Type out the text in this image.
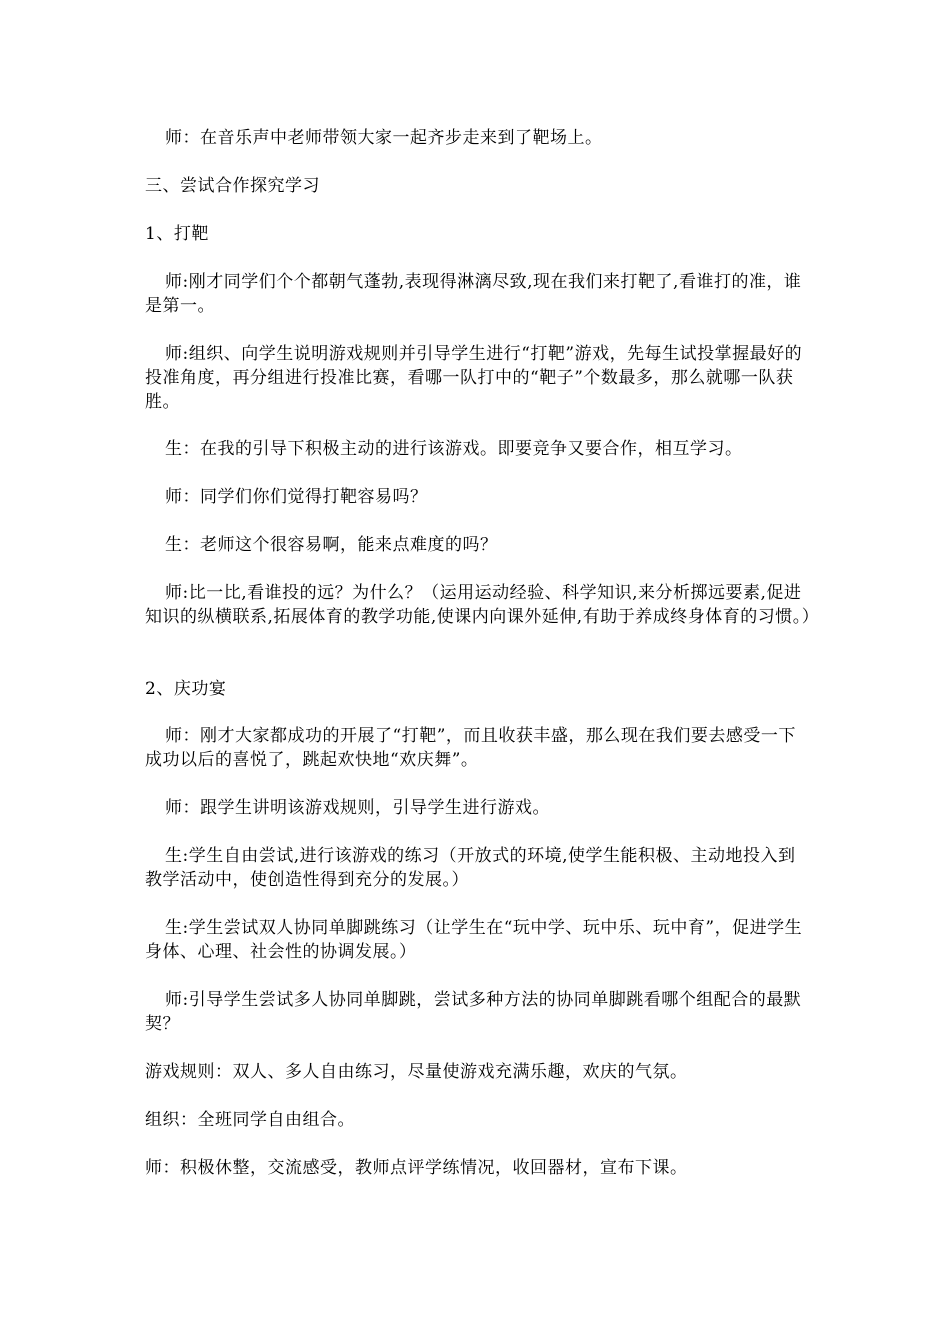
师：在音乐声中老师带领大家一起齐步走来到了靶场上。

三、尝试合作探究学习

1、打靶

师:刚才同学们个个都朝气蓬勃,表现得淋漓尽致,现在我们来打靶了,看谁打的准，谁是第一。

师:组织、向学生说明游戏规则并引导学生进行“打靶”游戏，先每生试投掌握最好的投准角度，再分组进行投准比赛，看哪一队打中的“靶子”个数最多，那么就哪一队获胜。

生：在我的引导下积极主动的进行该游戏。即要竞争又要合作，相互学习。

师：同学们你们觉得打靶容易吗？

生：老师这个很容易啊，能来点难度的吗？

师:比一比,看谁投的远？为什么？（运用运动经验、科学知识,来分析掷远要素,促进知识的纵横联系,拓展体育的教学功能,使课内向课外延伸,有助于养成终身体育的习惯。）

2、庆功宴

师：刚才大家都成功的开展了“打靶”，而且收获丰盛，那么现在我们要去感受一下成功以后的喜悦了，跳起欢快地“欢庆舞”。

师：跟学生讲明该游戏规则，引导学生进行游戏。

生:学生自由尝试,进行该游戏的练习（开放式的环境,使学生能积极、主动地投入到教学活动中，使创造性得到充分的发展。）

生:学生尝试双人协同单脚跳练习（让学生在“玩中学、玩中乐、玩中育”，促进学生身体、心理、社会性的协调发展。）

师:引导学生尝试多人协同单脚跳，尝试多种方法的协同单脚跳看哪个组配合的最默契？

游戏规则：双人、多人自由练习，尽量使游戏充满乐趣，欢庆的气氛。

组织：全班同学自由组合。

师：积极休整，交流感受，教师点评学练情况，收回器材，宣布下课。
